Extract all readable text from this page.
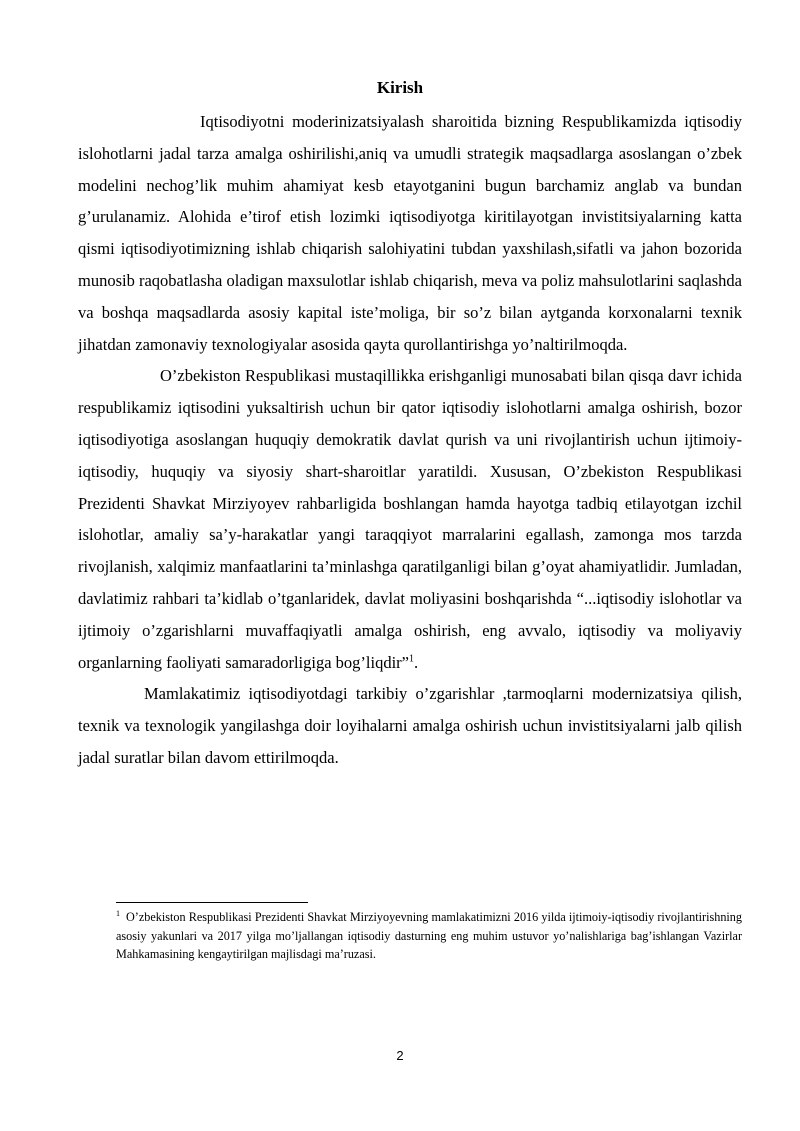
Kirish

Iqtisodiyotni moderinizatsiyalash sharoitida bizning Respublikamizda iqtisodiy islohotlarni jadal tarza amalga oshirilishi,aniq va umudli strategik maqsadlarga asoslangan o’zbek modelini nechog’lik muhim ahamiyat kesb etayotganini bugun barchamiz anglab va bundan g’urulanamiz. Alohida e’tirof etish lozimki iqtisodiyotga kiritilayotgan invistitsiyalarning katta qismi iqtisodiyotimizning ishlab chiqarish salohiyatini tubdan yaxshilash,sifatli va jahon bozorida munosib raqobatlasha oladigan maxsulotlar ishlab chiqarish, meva va poliz mahsulotlarini saqlashda va boshqa maqsadlarda asosiy kapital iste’moliga, bir so’z bilan aytganda korxonalarni texnik jihatdan zamonaviy texnologiyalar asosida qayta qurollantirishga yo’naltirilmoqda.

O’zbekiston Respublikasi mustaqillikka erishganligi munosabati bilan qisqa davr ichida respublikamiz iqtisodini yuksaltirish uchun bir qator iqtisodiy islohotlarni amalga oshirish, bozor iqtisodiyotiga asoslangan huquqiy demokratik davlat qurish va uni rivojlantirish uchun ijtimoiy-iqtisodiy, huquqiy va siyosiy shart-sharoitlar yaratildi. Xususan, O’zbekiston Respublikasi Prezidenti Shavkat Mirziyoyev rahbarligida boshlangan hamda hayotga tadbiq etilayotgan izchil islohotlar, amaliy sa’y-harakatlar yangi taraqqiyot marralarini egallash, zamonga mos tarzda rivojlanish, xalqimiz manfaatlarini ta’minlashga qaratilganligi bilan g’oyat ahamiyatlidir. Jumladan, davlatimiz rahbari ta’kidlab o’tganlaridek, davlat moliyasini boshqarishda “...iqtisodiy islohotlar va ijtimoiy o’zgarishlarni muvaffaqiyatli amalga oshirish, eng avvalo, iqtisodiy va moliyaviy organlarning faoliyati samaradorligiga bog’liqdir”$^1$.

Mamlakatimiz iqtisodiyotdagi tarkibiy o’zgarishlar ,tarmoqlarni modernizatsiya qilish, texnik va texnologik yangilashga doir loyihalarni amalga oshirish uchun invistitsiyalarni jalb qilish jadal suratlar bilan davom ettirilmoqda.

$^1$ O’zbekiston Respublikasi Prezidenti Shavkat Mirziyoyevning mamlakatimizni 2016 yilda ijtimoiy-iqtisodiy rivojlantirishning asosiy yakunlari va 2017 yilga mo’ljallangan iqtisodiy dasturning eng muhim ustuvor yo’nalishlariga bag’ishlangan Vazirlar Mahkamasining kengaytirilgan majlisdagi ma’ruzasi.
2
